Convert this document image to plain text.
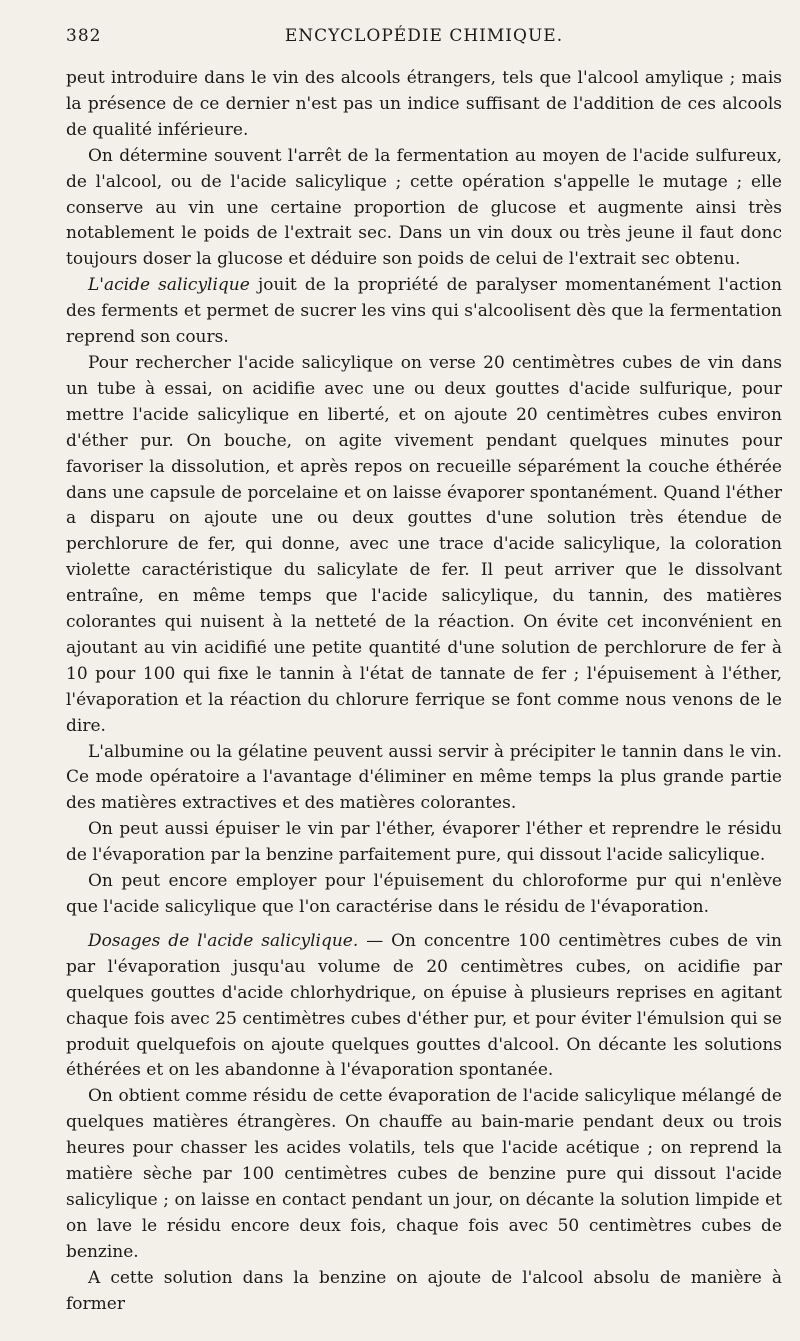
382	ENCYCLOPÉDIE CHIMIQUE.

peut introduire dans le vin des alcools étrangers, tels que l'alcool amylique ; mais la présence de ce dernier n'est pas un indice suffisant de l'addition de ces alcools de qualité inférieure.

On détermine souvent l'arrêt de la fermentation au moyen de l'acide sulfureux, de l'alcool, ou de l'acide salicylique ; cette opération s'appelle le mutage ; elle conserve au vin une certaine proportion de glucose et augmente ainsi très notablement le poids de l'extrait sec. Dans un vin doux ou très jeune il faut donc toujours doser la glucose et déduire son poids de celui de l'extrait sec obtenu.

L'acide salicylique jouit de la propriété de paralyser momentanément l'action des ferments et permet de sucrer les vins qui s'alcoolisent dès que la fermentation reprend son cours.

Pour rechercher l'acide salicylique on verse 20 centimètres cubes de vin dans un tube à essai, on acidifie avec une ou deux gouttes d'acide sulfurique, pour mettre l'acide salicylique en liberté, et on ajoute 20 centimètres cubes environ d'éther pur. On bouche, on agite vivement pendant quelques minutes pour favoriser la dissolution, et après repos on recueille séparément la couche éthérée dans une capsule de porcelaine et on laisse évaporer spontanément. Quand l'éther a disparu on ajoute une ou deux gouttes d'une solution très étendue de perchlorure de fer, qui donne, avec une trace d'acide salicylique, la coloration violette caractéristique du salicylate de fer. Il peut arriver que le dissolvant entraîne, en même temps que l'acide salicylique, du tannin, des matières colorantes qui nuisent à la netteté de la réaction. On évite cet inconvénient en ajoutant au vin acidifié une petite quantité d'une solution de perchlorure de fer à 10 pour 100 qui fixe le tannin à l'état de tannate de fer ; l'épuisement à l'éther, l'évaporation et la réaction du chlorure ferrique se font comme nous venons de le dire.

L'albumine ou la gélatine peuvent aussi servir à précipiter le tannin dans le vin. Ce mode opératoire a l'avantage d'éliminer en même temps la plus grande partie des matières extractives et des matières colorantes.

On peut aussi épuiser le vin par l'éther, évaporer l'éther et reprendre le résidu de l'évaporation par la benzine parfaitement pure, qui dissout l'acide salicylique.

On peut encore employer pour l'épuisement du chloroforme pur qui n'enlève que l'acide salicylique que l'on caractérise dans le résidu de l'évaporation.

Dosages de l'acide salicylique. — On concentre 100 centimètres cubes de vin par l'évaporation jusqu'au volume de 20 centimètres cubes, on acidifie par quelques gouttes d'acide chlorhydrique, on épuise à plusieurs reprises en agitant chaque fois avec 25 centimètres cubes d'éther pur, et pour éviter l'émulsion qui se produit quelquefois on ajoute quelques gouttes d'alcool. On décante les solutions éthérées et on les abandonne à l'évaporation spontanée.

On obtient comme résidu de cette évaporation de l'acide salicylique mélangé de quelques matières étrangères. On chauffe au bain-marie pendant deux ou trois heures pour chasser les acides volatils, tels que l'acide acétique ; on reprend la matière sèche par 100 centimètres cubes de benzine pure qui dissout l'acide salicylique ; on laisse en contact pendant un jour, on décante la solution limpide et on lave le résidu encore deux fois, chaque fois avec 50 centimètres cubes de benzine.

A cette solution dans la benzine on ajoute de l'alcool absolu de manière à former
